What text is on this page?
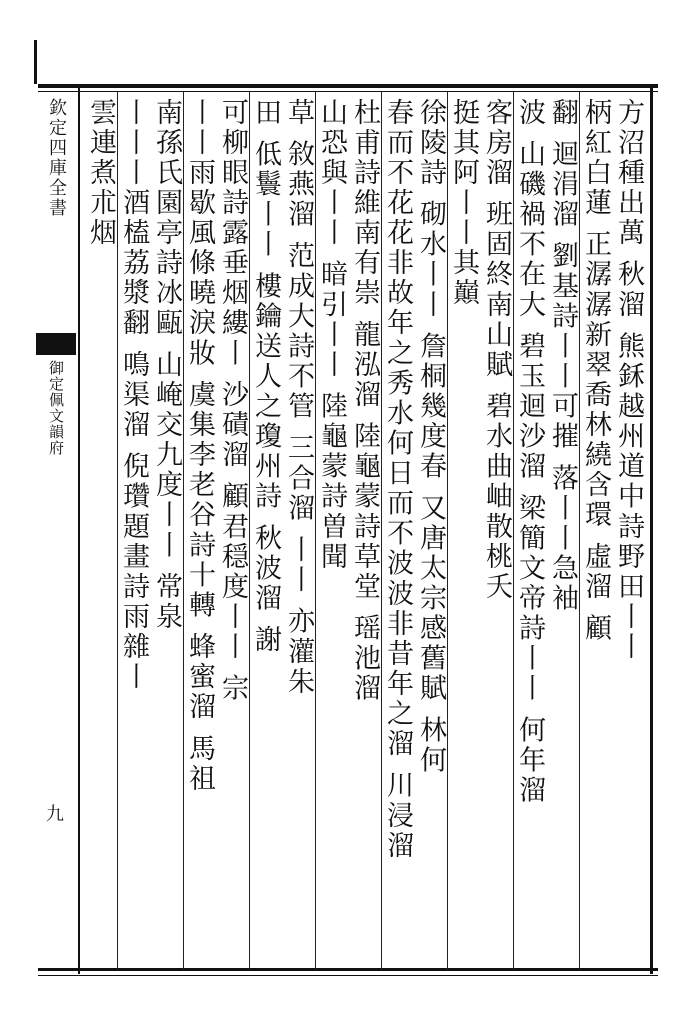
欽定四庫全書
御定佩文韻府
九
方沼種出萬 秋溜 熊鉌越州道中詩野田丨丨
柄紅白蓮 正潺潺新翠喬林繞含環 虛溜 顧
翻 迴涓溜 劉基詩丨丨可摧 落丨丨急袖
波 山磯禍不在大 碧玉迴沙溜 梁簡文帝詩丨丨 何年溜
客房溜 班固終南山賦 碧水曲岫散桃夭
挺其阿丨丨其巔
徐陵詩 砌水丨丨 詹桐幾度春 又唐太宗感舊賦 林何
春而不花花非故年之秀水何日而不波波非昔年之溜 川浸溜
杜甫詩維南有崇 龍泓溜 陸龜蒙詩草堂 瑶池溜
山恐與丨丨 暗引丨丨 陸龜蒙詩曽聞
草 敘燕溜 范成大詩不管 三合溜 丨丨 亦灌朱
田 低鬟丨丨 樓鑰送人之瓊州詩 秋波溜 謝
可柳眼詩露垂烟縷丨 沙磧溜 顧君穏度丨丨 宗
丨丨雨歇風條曉淚妝 虞集李老谷詩十轉 蜂蜜溜 馬祖
南孫氏園亭詩冰甌 山崦交九度丨丨 常泉
丨丨丨酒榼荔漿翻 鳴渠溜 倪瓚題畫詩雨雜丨
雲連煮朮烟
